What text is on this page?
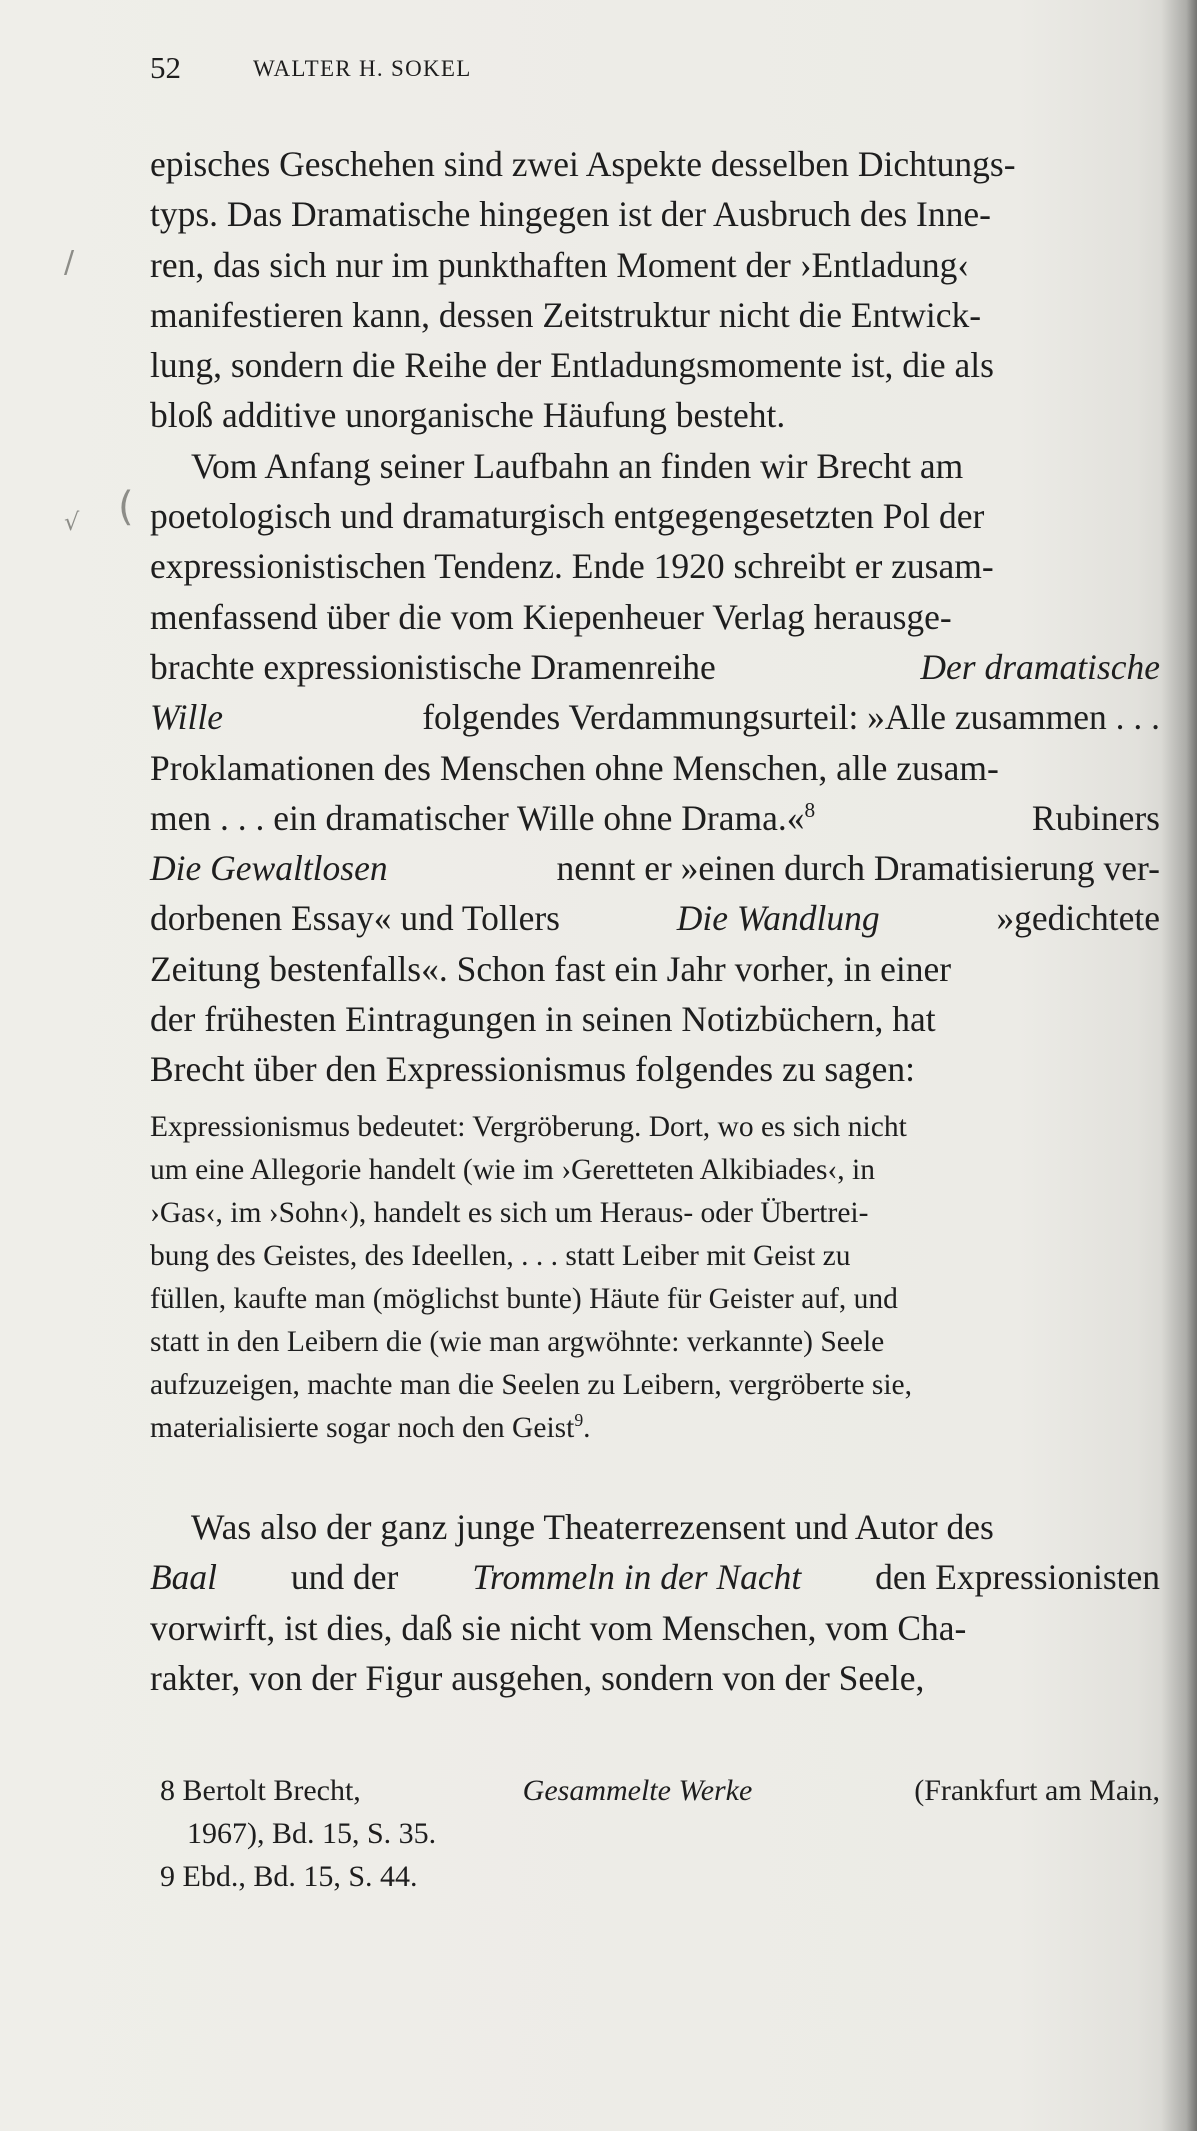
52	WALTER H. SOKEL
episches Geschehen sind zwei Aspekte desselben Dichtungs-
typs. Das Dramatische hingegen ist der Ausbruch des Inne-
ren, das sich nur im punkthaften Moment der ›Entladung‹
manifestieren kann, dessen Zeitstruktur nicht die Entwick-
lung, sondern die Reihe der Entladungsmomente ist, die als
bloß additive unorganische Häufung besteht.
Vom Anfang seiner Laufbahn an finden wir Brecht am
poetologisch und dramaturgisch entgegengesetzten Pol der
expressionistischen Tendenz. Ende 1920 schreibt er zusam-
menfassend über die vom Kiepenheuer Verlag herausge-
brachte expressionistische Dramenreihe	Der dramatische
Wille	folgendes Verdammungsurteil: »Alle zusammen . . .
Proklamationen des Menschen ohne Menschen, alle zusam-
men . . . ein dramatischer Wille ohne Drama.«$^8$	Rubiners
Die Gewaltlosen	nennt er »einen durch Dramatisierung ver-
dorbenen Essay« und Tollers	Die Wandlung	»gedichtete
Zeitung bestenfalls«. Schon fast ein Jahr vorher, in einer
der frühesten Eintragungen in seinen Notizbüchern, hat
Brecht über den Expressionismus folgendes zu sagen:
Expressionismus bedeutet: Vergröberung. Dort, wo es sich nicht
um eine Allegorie handelt (wie im ›Geretteten Alkibiades‹, in
›Gas‹, im ›Sohn‹), handelt es sich um Heraus- oder Übertrei-
bung des Geistes, des Ideellen, . . . statt Leiber mit Geist zu
füllen, kaufte man (möglichst bunte) Häute für Geister auf, und
statt in den Leibern die (wie man argwöhnte: verkannte) Seele
aufzuzeigen, machte man die Seelen zu Leibern, vergröberte sie,
materialisierte sogar noch den Geist$^9$.
Was also der ganz junge Theaterrezensent und Autor des
Baal und der Trommeln in der Nacht den Expressionisten
vorwirft, ist dies, daß sie nicht vom Menschen, vom Cha-
rakter, von der Figur ausgehen, sondern von der Seele,
8 Bertolt Brecht,	Gesammelte Werke	(Frankfurt am Main,
1967), Bd. 15, S. 35.
9 Ebd., Bd. 15, S. 44.
/
(
√
